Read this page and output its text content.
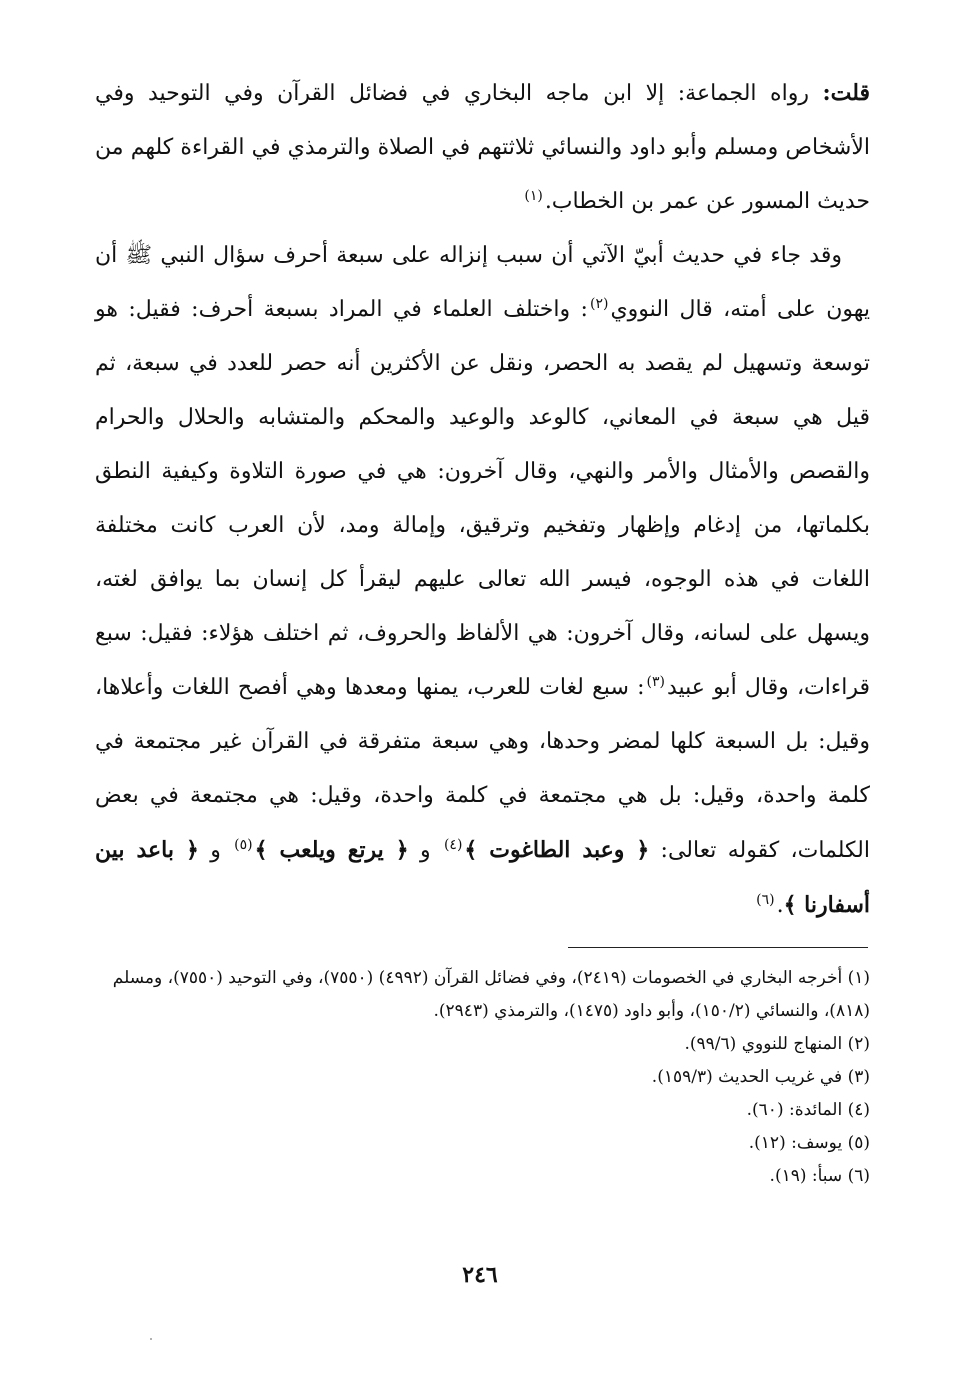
قلت: رواه الجماعة: إلا ابن ماجه البخاري في فضائل القرآن وفي التوحيد وفي الأشخاص ومسلم وأبو داود والنسائي ثلاثتهم في الصلاة والترمذي في القراءة كلهم من حديث المسور عن عمر بن الخطاب.$^{(١)}$

وقد جاء في حديث أبيّ الآتي أن سبب إنزاله على سبعة أحرف سؤال النبي ﷺ أن يهون على أمته، قال النووي$^{(٢)}$: واختلف العلماء في المراد بسبعة أحرف: فقيل: هو توسعة وتسهيل لم يقصد به الحصر، ونقل عن الأكثرين أنه حصر للعدد في سبعة، ثم قيل هي سبعة في المعاني، كالوعد والوعيد والمحكم والمتشابه والحلال والحرام والقصص والأمثال والأمر والنهي، وقال آخرون: هي في صورة التلاوة وكيفية النطق بكلماتها، من إدغام وإظهار وتفخيم وترقيق، وإمالة ومد، لأن العرب كانت مختلفة اللغات في هذه الوجوه، فيسر الله تعالى عليهم ليقرأ كل إنسان بما يوافق لغته، ويسهل على لسانه، وقال آخرون: هي الألفاظ والحروف، ثم اختلف هؤلاء: فقيل: سبع قراءات، وقال أبو عبيد$^{(٣)}$: سبع لغات للعرب، يمنها ومعدها وهي أفصح اللغات وأعلاها، وقيل: بل السبعة كلها لمضر وحدها، وهي سبعة متفرقة في القرآن غير مجتمعة في كلمة واحدة، وقيل: بل هي مجتمعة في كلمة واحدة، وقيل: هي مجتمعة في بعض الكلمات، كقوله تعالى: ﴿ وعبد الطاغوت ﴾$^{(٤)}$ و ﴿ يرتع ويلعب ﴾$^{(٥)}$ و ﴿ باعد بين أسفارنا ﴾.$^{(٦)}$

(١) أخرجه البخاري في الخصومات (٢٤١٩)، وفي فضائل القرآن (٤٩٩٢) (٧٥٥٠)، وفي التوحيد (٧٥٥٠)، ومسلم (٨١٨)، والنسائي (١٥٠/٢)، وأبو داود (١٤٧٥)، والترمذي (٢٩٤٣).

(٢) المنهاج للنووي (٩٩/٦).

(٣) في غريب الحديث (١٥٩/٣).

(٤) المائدة: (٦٠).

(٥) يوسف: (١٢).

(٦) سبأ: (١٩).

٢٤٦
